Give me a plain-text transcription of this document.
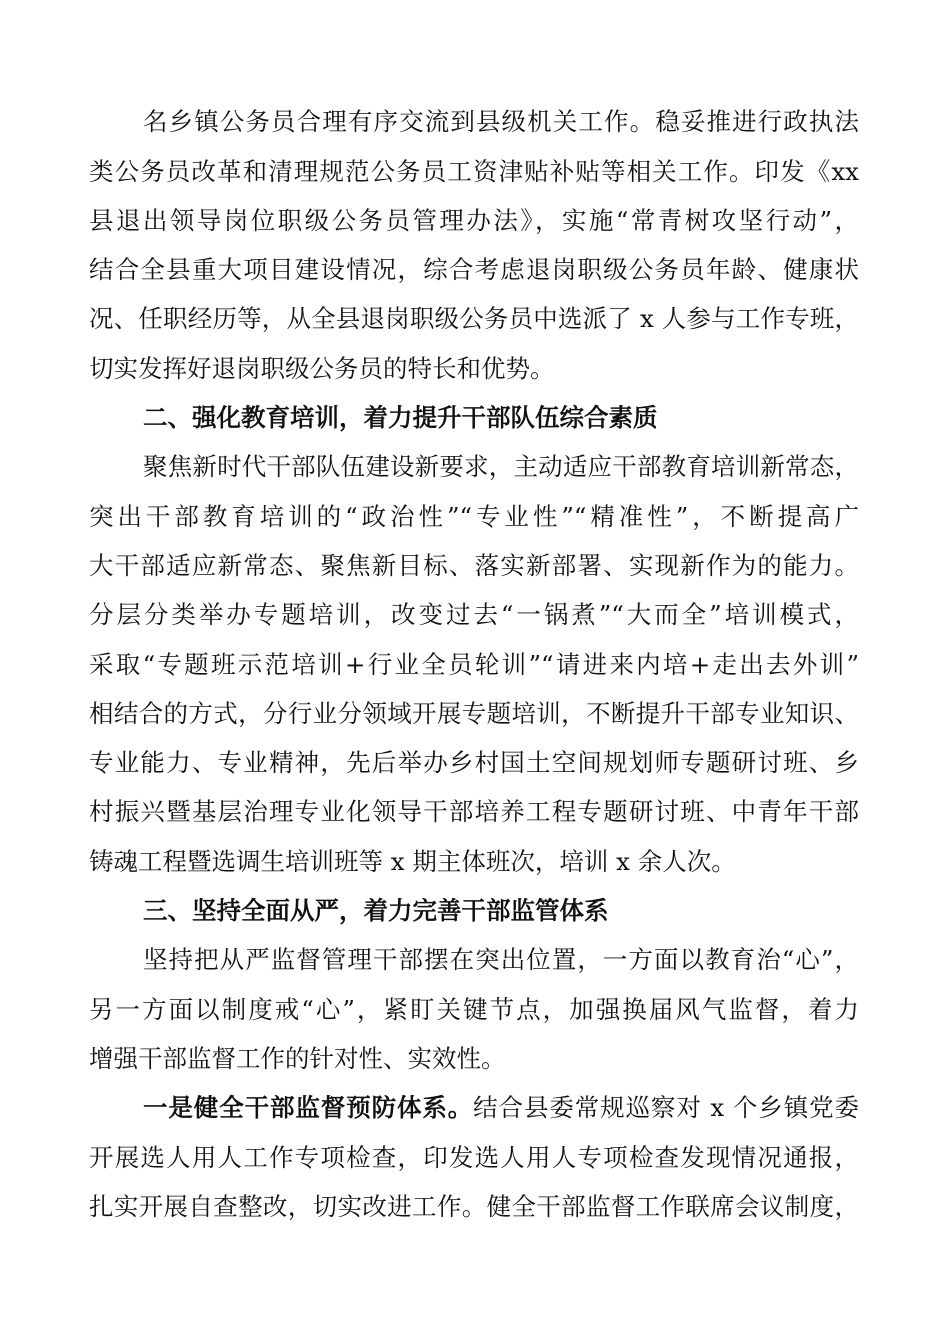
名乡镇公务员合理有序交流到县级机关工作。稳妥推进行政执法
类公务员改革和清理规范公务员工资津贴补贴等相关工作。印发《xx
县退出领导岗位职级公务员管理办法》，实施“常青树攻坚行动”，
结合全县重大项目建设情况，综合考虑退岗职级公务员年龄、健康状
况、任职经历等，从全县退岗职级公务员中选派了 x 人参与工作专班，
切实发挥好退岗职级公务员的特长和优势。
二、强化教育培训，着力提升干部队伍综合素质
聚焦新时代干部队伍建设新要求，主动适应干部教育培训新常态，
突出干部教育培训的“政治性”“专业性”“精准性”，不断提高广
大干部适应新常态、聚焦新目标、落实新部署、实现新作为的能力。
分层分类举办专题培训，改变过去“一锅煮”“大而全”培训模式，
采取“专题班示范培训+行业全员轮训”“请进来内培+走出去外训”
相结合的方式，分行业分领域开展专题培训，不断提升干部专业知识、
专业能力、专业精神，先后举办乡村国土空间规划师专题研讨班、乡
村振兴暨基层治理专业化领导干部培养工程专题研讨班、中青年干部
铸魂工程暨选调生培训班等 x 期主体班次，培训 x 余人次。
三、坚持全面从严，着力完善干部监管体系
坚持把从严监督管理干部摆在突出位置，一方面以教育治“心”，
另一方面以制度戒“心”，紧盯关键节点，加强换届风气监督，着力
增强干部监督工作的针对性、实效性。
一是健全干部监督预防体系。结合县委常规巡察对 x 个乡镇党委
开展选人用人工作专项检查，印发选人用人专项检查发现情况通报，
扎实开展自查整改，切实改进工作。健全干部监督工作联席会议制度，
